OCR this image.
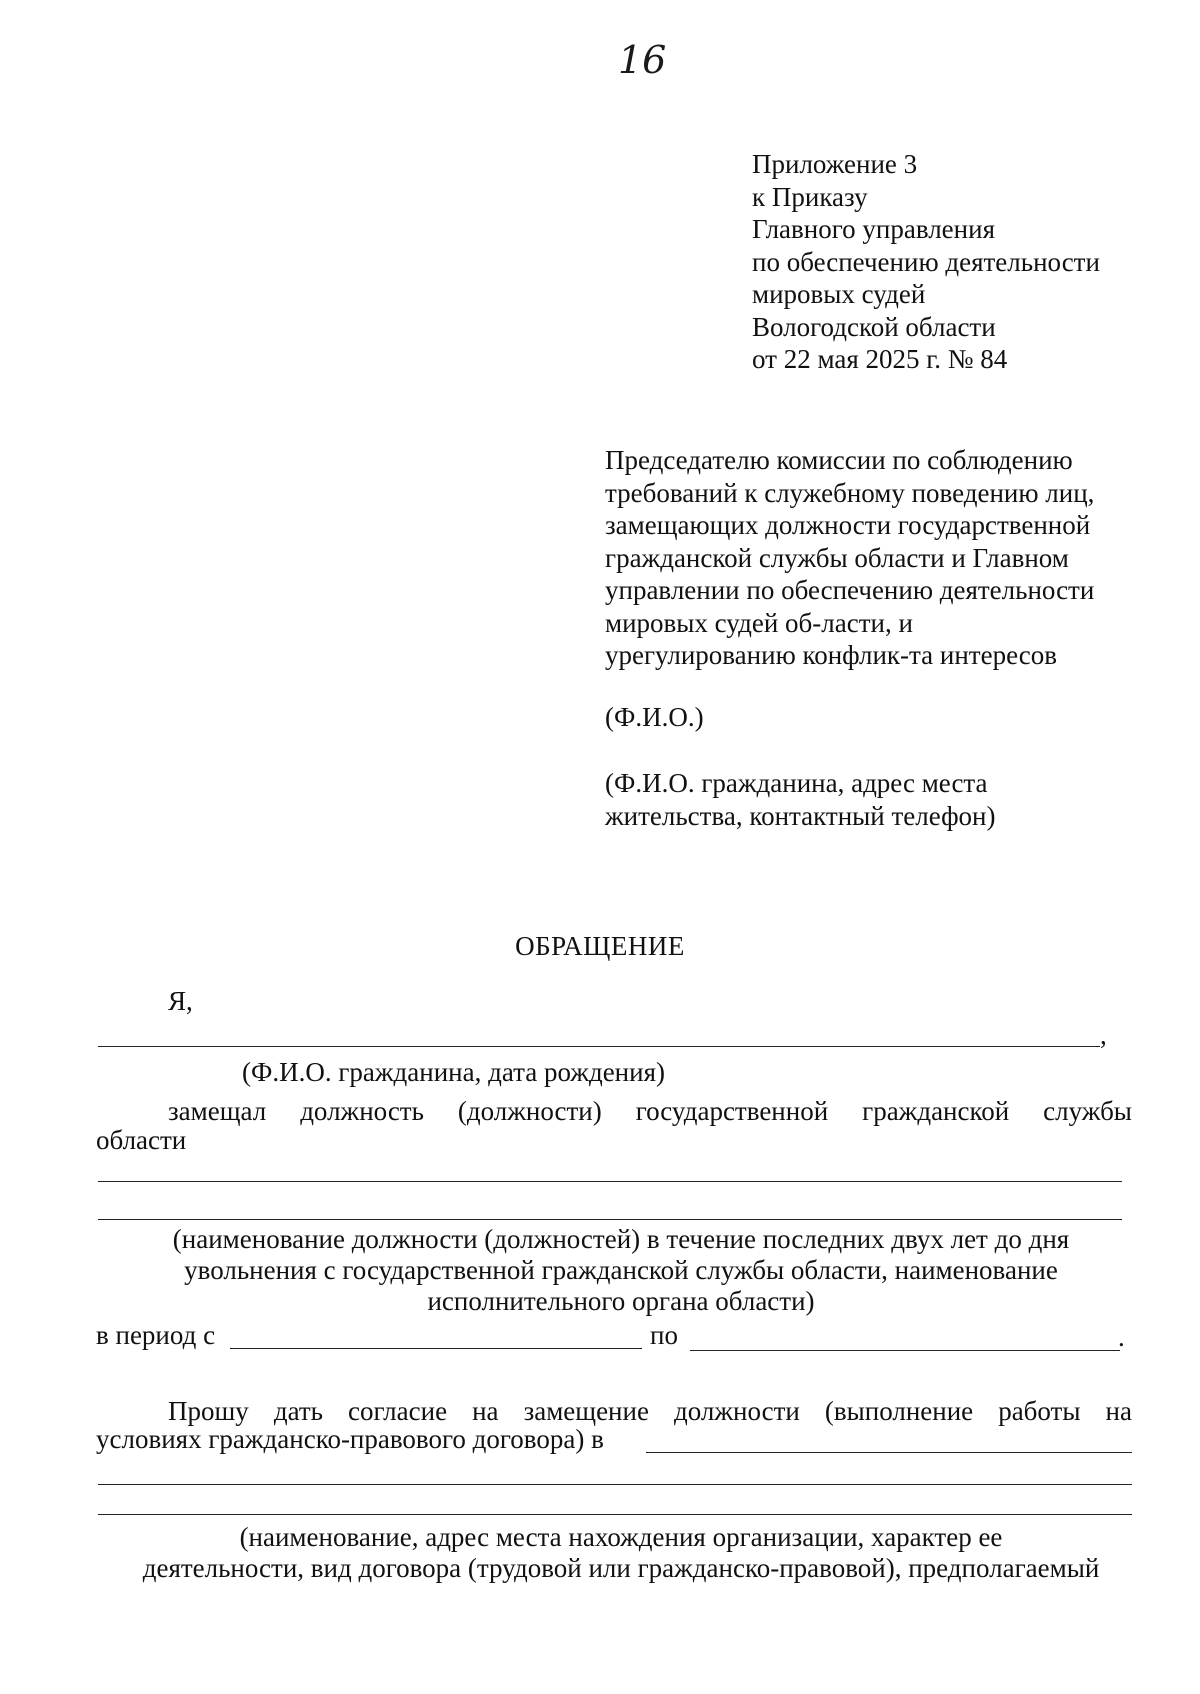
16
Приложение 3
к Приказу
Главного управления
по обеспечению деятельности
мировых судей
Вологодской области
от 22 мая 2025 г. № 84
Председателю комиссии по соблюдению
требований к служебному поведению лиц,
замещающих должности государственной
гражданской службы области и Главном
управлении по обеспечению деятельности
мировых судей об-ласти, и
урегулированию конфлик-та интересов
(Ф.И.О.)
(Ф.И.О. гражданина, адрес места
жительства, контактный телефон)
ОБРАЩЕНИЕ
Я,
,
(Ф.И.О. гражданина, дата рождения)
замещал должность (должности) государственной гражданской службы
области
(наименование должности (должностей) в течение последних двух лет до дня
увольнения с государственной гражданской службы области, наименование
исполнительного органа области)
в период с	по	.
Прошу дать согласие на замещение должности (выполнение работы на
условиях гражданско-правового договора) в
(наименование, адрес места нахождения организации, характер ее
деятельности, вид договора (трудовой или гражданско-правовой), предполагаемый
